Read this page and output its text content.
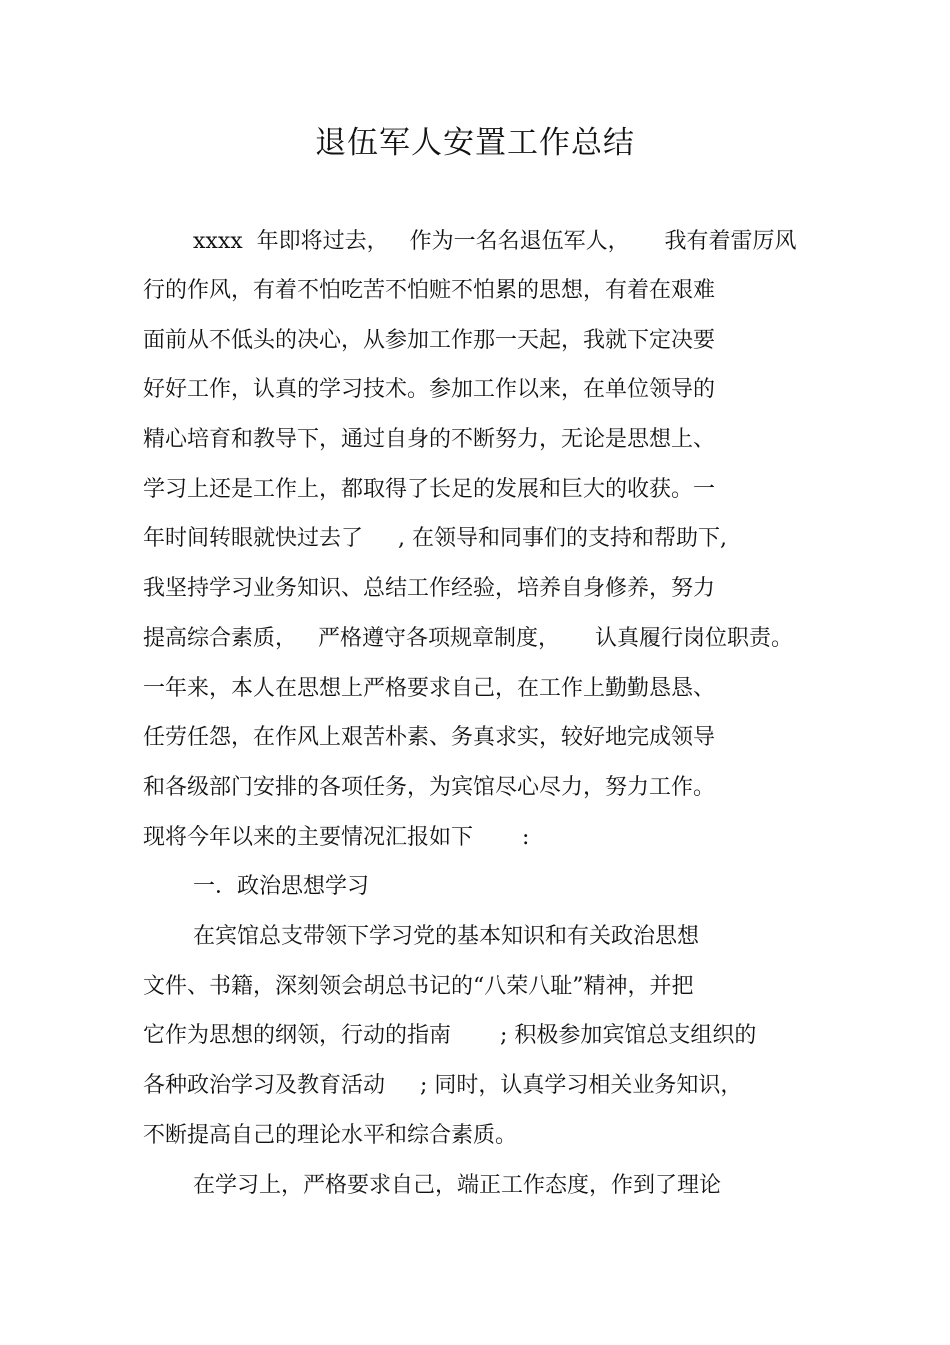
退伍军人安置工作总结
xxxx  年即将过去，   作为一名名退伍军人，     我有着雷厉风
行的作风，有着不怕吃苦不怕赃不怕累的思想，有着在艰难
面前从不低头的决心，从参加工作那一天起，我就下定决要
好好工作，认真的学习技术。参加工作以来，在单位领导的
精心培育和教导下，通过自身的不断努力，无论是思想上、
学习上还是工作上，都取得了长足的发展和巨大的收获。一
年时间转眼就快过去了     , 在领导和同事们的支持和帮助下,
我坚持学习业务知识、总结工作经验，培养自身修养，努力
提高综合素质，   严格遵守各项规章制度，     认真履行岗位职责。
一年来，本人在思想上严格要求自己，在工作上勤勤恳恳、
任劳任怨，在作风上艰苦朴素、务真求实，较好地完成领导
和各级部门安排的各项任务，为宾馆尽心尽力，努力工作。
现将今年以来的主要情况汇报如下       :
一．政治思想学习
在宾馆总支带领下学习党的基本知识和有关政治思想
文件、书籍，深刻领会胡总书记的“八荣八耻”精神，并把
它作为思想的纲领，行动的指南       ; 积极参加宾馆总支组织的
各种政治学习及教育活动     ; 同时，认真学习相关业务知识，
不断提高自己的理论水平和综合素质。
在学习上，严格要求自己，端正工作态度，作到了理论
